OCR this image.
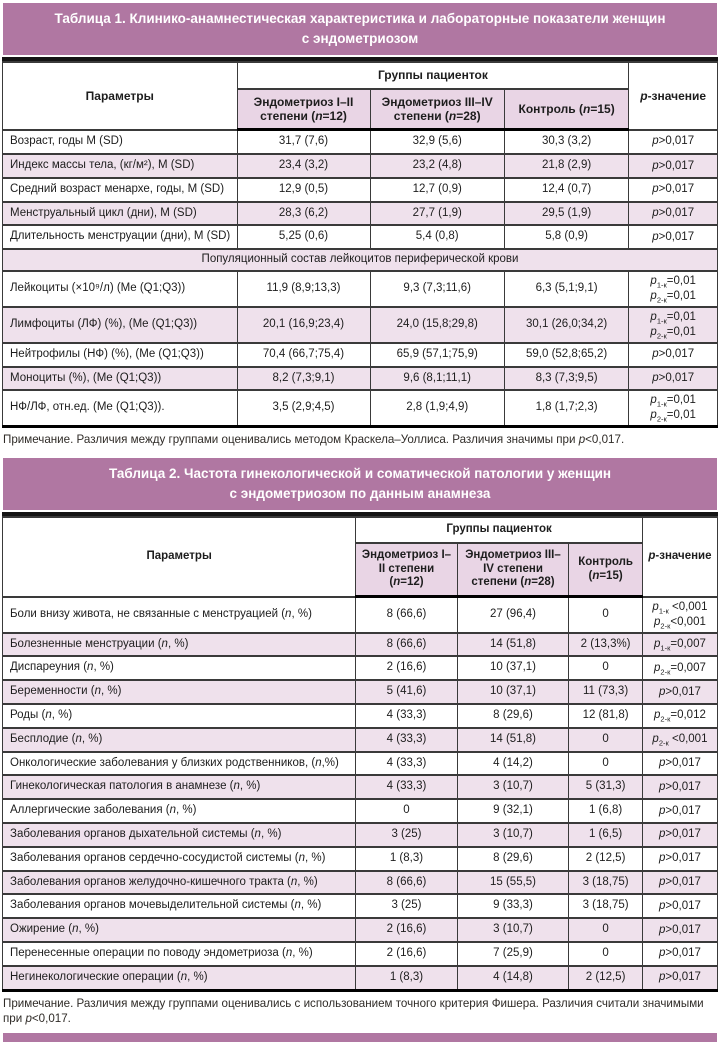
Таблица 1. Клинико-анамнестическая характеристика и лабораторные показатели женщин
с эндометриозом
Параметры	Группы пациенток			p-значение
	Эндометриоз I–II степени (n=12)	Эндометриоз III–IV степени (n=28)	Контроль (n=15)	
Возраст, годы M (SD)	31,7 (7,6)	32,9 (5,6)	30,3 (3,2)	p>0,017

Индекс массы тела, (кг/м²), M (SD)	23,4 (3,2)	23,2 (4,8)	21,8 (2,9)	p>0,017

Средний возраст менархе, годы, M (SD)	12,9 (0,5)	12,7 (0,9)	12,4 (0,7)	p>0,017

Менструальный цикл (дни), M (SD)	28,3 (6,2)	27,7 (1,9)	29,5 (1,9)	p>0,017

Длительность менструации (дни), M (SD)	5,25 (0,6)	5,4 (0,8)	5,8 (0,9)	p>0,017

Популяционный состав лейкоцитов периферической крови				
Лейкоциты (×10⁹/л) (Me (Q1;Q3))	11,9 (8,9;13,3)	9,3 (7,3;11,6)	6,3 (5,1;9,1)	$p_{1-к}=0,01$
$p_{2-к}=0,01$

Лимфоциты (ЛФ) (%), (Me (Q1;Q3))	20,1 (16,9;23,4)	24,0 (15,8;29,8)	30,1 (26,0;34,2)	$p_{1-к}=0,01$
$p_{2-к}=0,01$

Нейтрофилы (НФ) (%), (Me (Q1;Q3))	70,4 (66,7;75,4)	65,9 (57,1;75,9)	59,0 (52,8;65,2)	p>0,017

Моноциты (%), (Me (Q1;Q3))	8,2 (7,3;9,1)	9,6 (8,1;11,1)	8,3 (7,3;9,5)	p>0,017

НФ/ЛФ, отн.ед. (Me (Q1;Q3)).	3,5 (2,9;4,5)	2,8 (1,9;4,9)	1,8 (1,7;2,3)	$p_{1-к}=0,01$
$p_{2-к}=0,01$
Примечание. Различия между группами оценивались методом Краскела–Уоллиса. Различия значимы при p<0,017.
Таблица 2. Частота гинекологической и соматической патологии у женщин
с эндометриозом по данным анамнеза
Параметры	Группы пациенток			p-значение
	Эндометриоз I–II степени (n=12)	Эндометриоз III–IV степени степени (n=28)	Контроль (n=15)	
Боли внизу живота, не связанные с менструацией (n, %)	8 (66,6)	27 (96,4)	0	$p_{1-к} <0,001$
$p_{2-к}<0,001$

Болезненные менструации (n, %)	8 (66,6)	14 (51,8)	2 (13,3%)	$p_{1-к}=0,007$

Диспареуния (n, %)	2 (16,6)	10 (37,1)	0	$p_{2-к}=0,007$

Беременности (n, %)	5 (41,6)	10 (37,1)	11 (73,3)	p>0,017

Роды (n, %)	4 (33,3)	8 (29,6)	12 (81,8)	$p_{2-к}=0,012$

Бесплодие (n, %)	4 (33,3)	14 (51,8)	0	$p_{2-к} <0,001$

Онкологические заболевания у близких родственников, (n,%)	4 (33,3)	4 (14,2)	0	p>0,017

Гинекологическая патология в анамнезе (n, %)	4 (33,3)	3 (10,7)	5 (31,3)	p>0,017

Аллергические заболевания (n, %)	0	9 (32,1)	1 (6,8)	p>0,017

Заболевания органов дыхательной системы (n, %)	3 (25)	3 (10,7)	1 (6,5)	p>0,017

Заболевания органов сердечно-сосудистой системы (n, %)	1 (8,3)	8 (29,6)	2 (12,5)	p>0,017

Заболевания органов желудочно-кишечного тракта (n, %)	8 (66,6)	15 (55,5)	3 (18,75)	p>0,017

Заболевания органов мочевыделительной системы (n, %)	3 (25)	9 (33,3)	3 (18,75)	p>0,017

Ожирение (n, %)	2 (16,6)	3 (10,7)	0	p>0,017

Перенесенные операции по поводу эндометриоза (n, %)	2 (16,6)	7 (25,9)	0	p>0,017

Негинекологические операции (n, %)	1 (8,3)	4 (14,8)	2 (12,5)	p>0,017
Примечание. Различия между группами оценивались с использованием точного критерия Фишера. Различия считали значимыми при p<0,017.
